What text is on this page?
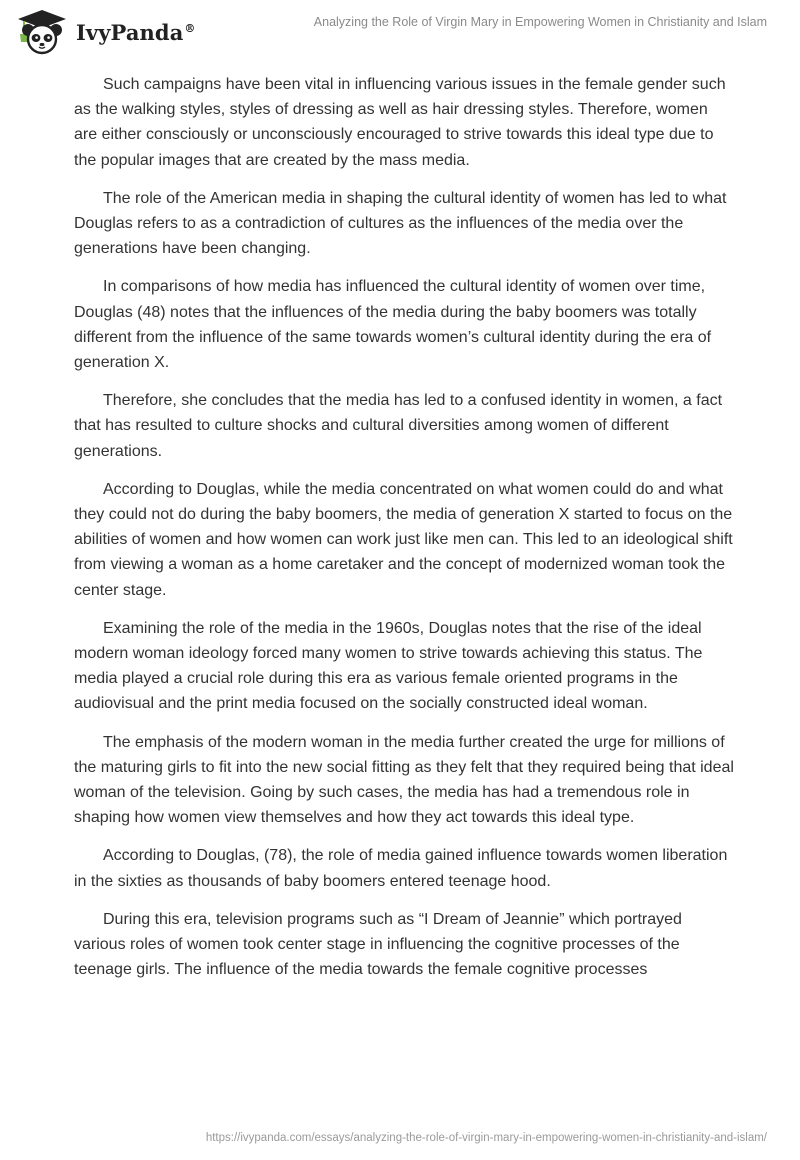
IvyPanda®	Analyzing the Role of Virgin Mary in Empowering Women in Christianity and Islam

Such campaigns have been vital in influencing various issues in the female gender such as the walking styles, styles of dressing as well as hair dressing styles. Therefore, women are either consciously or unconsciously encouraged to strive towards this ideal type due to the popular images that are created by the mass media.

The role of the American media in shaping the cultural identity of women has led to what Douglas refers to as a contradiction of cultures as the influences of the media over the generations have been changing.

In comparisons of how media has influenced the cultural identity of women over time, Douglas (48) notes that the influences of the media during the baby boomers was totally different from the influence of the same towards women’s cultural identity during the era of generation X.

Therefore, she concludes that the media has led to a confused identity in women, a fact that has resulted to culture shocks and cultural diversities among women of different generations.

According to Douglas, while the media concentrated on what women could do and what they could not do during the baby boomers, the media of generation X started to focus on the abilities of women and how women can work just like men can. This led to an ideological shift from viewing a woman as a home caretaker and the concept of modernized woman took the center stage.

Examining the role of the media in the 1960s, Douglas notes that the rise of the ideal modern woman ideology forced many women to strive towards achieving this status. The media played a crucial role during this era as various female oriented programs in the audiovisual and the print media focused on the socially constructed ideal woman.

The emphasis of the modern woman in the media further created the urge for millions of the maturing girls to fit into the new social fitting as they felt that they required being that ideal woman of the television. Going by such cases, the media has had a tremendous role in shaping how women view themselves and how they act towards this ideal type.

According to Douglas, (78), the role of media gained influence towards women liberation in the sixties as thousands of baby boomers entered teenage hood.

During this era, television programs such as “I Dream of Jeannie” which portrayed various roles of women took center stage in influencing the cognitive processes of the teenage girls. The influence of the media towards the female cognitive processes

https://ivypanda.com/essays/analyzing-the-role-of-virgin-mary-in-empowering-women-in-christianity-and-islam/
